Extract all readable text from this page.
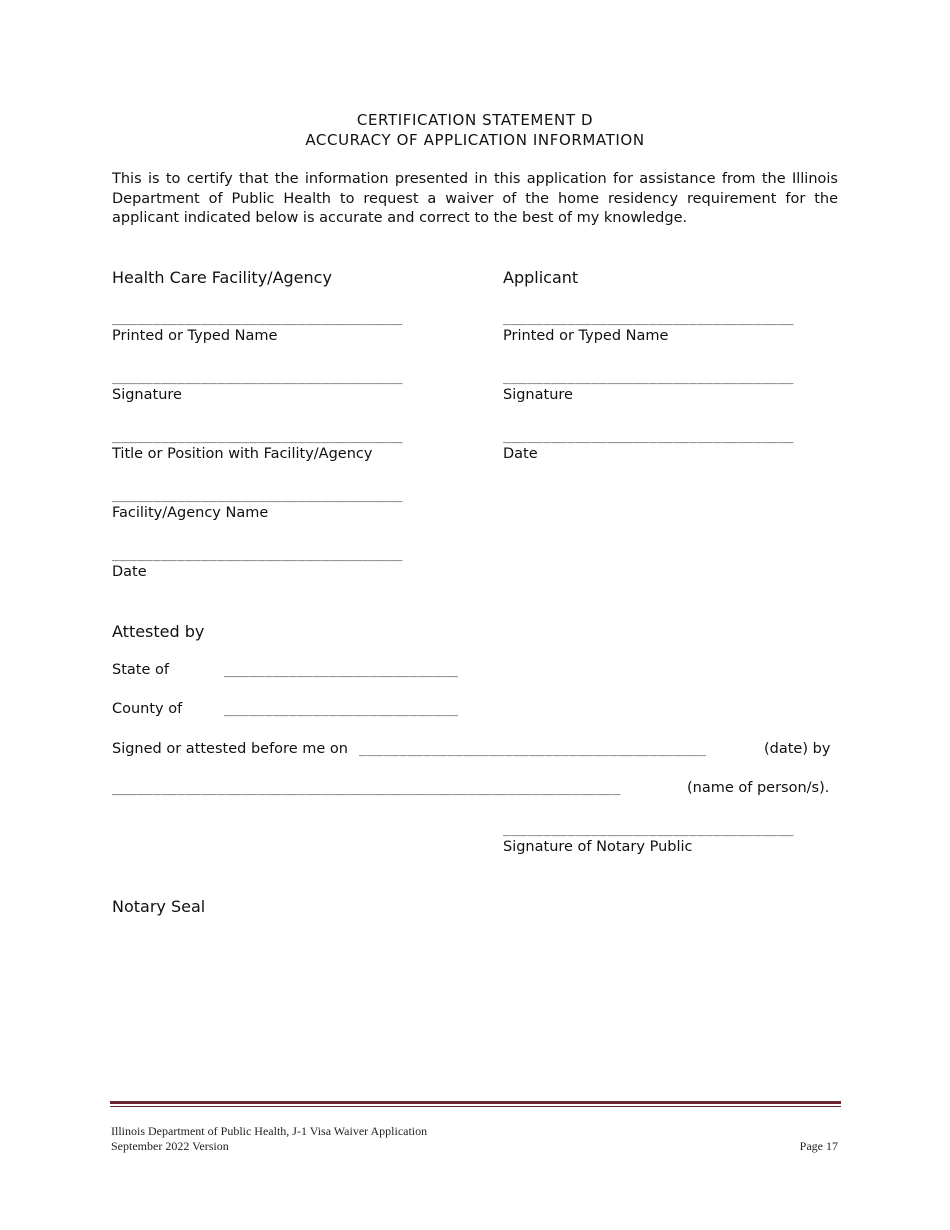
CERTIFICATION STATEMENT D
ACCURACY OF APPLICATION INFORMATION
This is to certify that the information presented in this application for assistance from the Illinois Department of Public Health to request a waiver of the home residency requirement for the applicant indicated below is accurate and correct to the best of my knowledge.
Health Care Facility/Agency
____________________________________
Printed or Typed Name
____________________________________
Signature
____________________________________
Title or Position with Facility/Agency
____________________________________
Facility/Agency Name
____________________________________
Date
Applicant
____________________________________
Printed or Typed Name
____________________________________
Signature
____________________________________
Date
Attested by
State of	_____________________________
County of	_____________________________
Signed or attested before me on ___________________________________________	(date) by
_______________________________________________________________	(name of person/s).
____________________________________
Signature of Notary Public
Notary Seal
Illinois Department of Public Health, J-1 Visa Waiver Application
September 2022 Version	Page 17
